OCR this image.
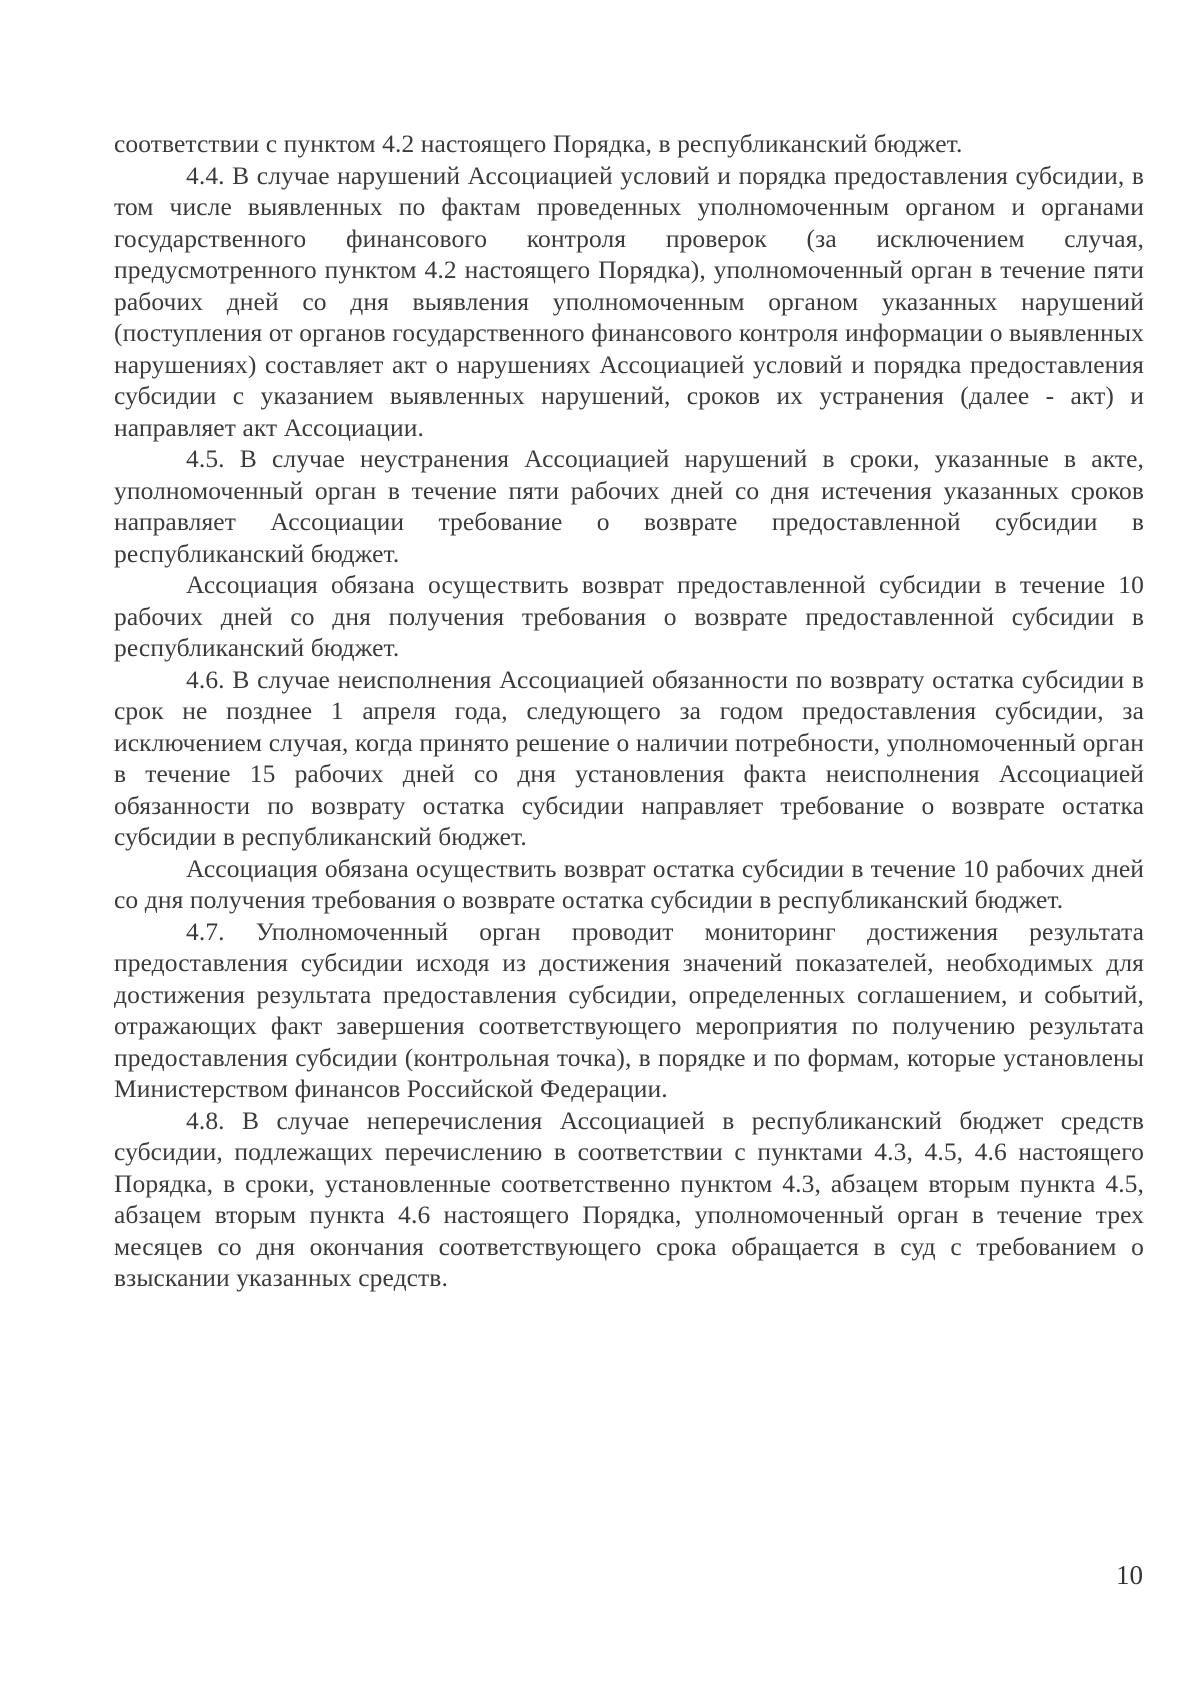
соответствии с пунктом 4.2 настоящего Порядка, в республиканский бюджет.

4.4. В случае нарушений Ассоциацией условий и порядка предоставления субсидии, в том числе выявленных по фактам проведенных уполномоченным органом и органами государственного финансового контроля проверок (за исключением случая, предусмотренного пунктом 4.2 настоящего Порядка), уполномоченный орган в течение пяти рабочих дней со дня выявления уполномоченным органом указанных нарушений (поступления от органов государственного финансового контроля информации о выявленных нарушениях) составляет акт о нарушениях Ассоциацией условий и порядка предоставления субсидии с указанием выявленных нарушений, сроков их устранения (далее - акт) и направляет акт Ассоциации.

4.5. В случае неустранения Ассоциацией нарушений в сроки, указанные в акте, уполномоченный орган в течение пяти рабочих дней со дня истечения указанных сроков направляет Ассоциации требование о возврате предоставленной субсидии в республиканский бюджет.

Ассоциация обязана осуществить возврат предоставленной субсидии в течение 10 рабочих дней со дня получения требования о возврате предоставленной субсидии в республиканский бюджет.

4.6. В случае неисполнения Ассоциацией обязанности по возврату остатка субсидии в срок не позднее 1 апреля года, следующего за годом предоставления субсидии, за исключением случая, когда принято решение о наличии потребности, уполномоченный орган в течение 15 рабочих дней со дня установления факта неисполнения Ассоциацией обязанности по возврату остатка субсидии направляет требование о возврате остатка субсидии в республиканский бюджет.

Ассоциация обязана осуществить возврат остатка субсидии в течение 10 рабочих дней со дня получения требования о возврате остатка субсидии в республиканский бюджет.

4.7. Уполномоченный орган проводит мониторинг достижения результата предоставления субсидии исходя из достижения значений показателей, необходимых для достижения результата предоставления субсидии, определенных соглашением, и событий, отражающих факт завершения соответствующего мероприятия по получению результата предоставления субсидии (контрольная точка), в порядке и по формам, которые установлены Министерством финансов Российской Федерации.

4.8. В случае неперечисления Ассоциацией в республиканский бюджет средств субсидии, подлежащих перечислению в соответствии с пунктами 4.3, 4.5, 4.6 настоящего Порядка, в сроки, установленные соответственно пунктом 4.3, абзацем вторым пункта 4.5, абзацем вторым пункта 4.6 настоящего Порядка, уполномоченный орган в течение трех месяцев со дня окончания соответствующего срока обращается в суд с требованием о взыскании указанных средств.

10
